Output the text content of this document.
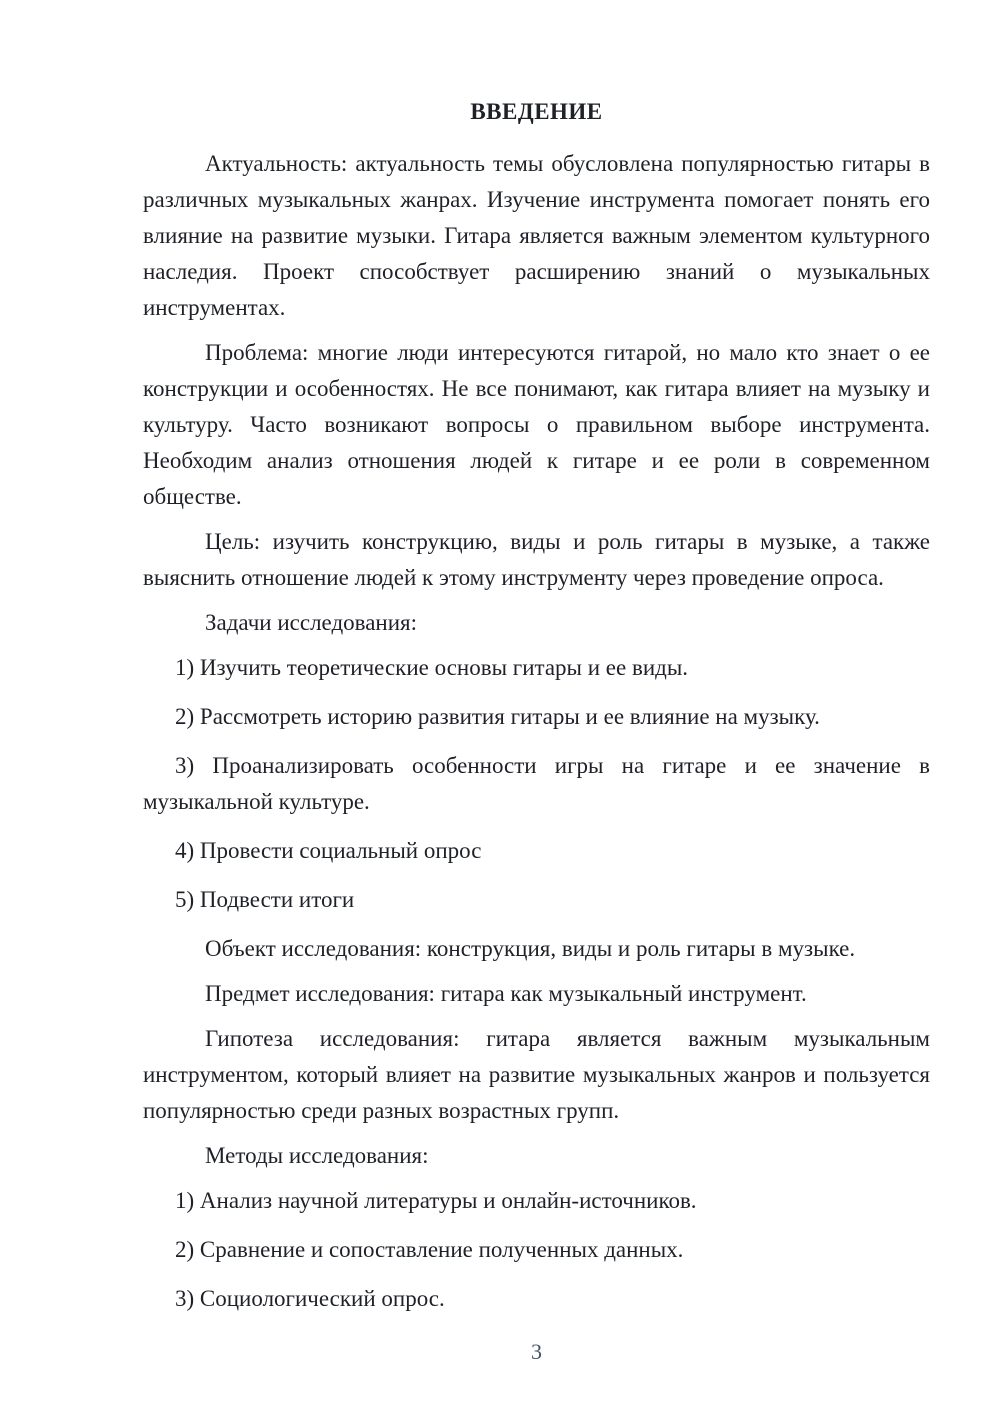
ВВЕДЕНИЕ

Актуальность: актуальность темы обусловлена популярностью гитары в различных музыкальных жанрах. Изучение инструмента помогает понять его влияние на развитие музыки. Гитара является важным элементом культурного наследия. Проект способствует расширению знаний о музыкальных инструментах.

Проблема: многие люди интересуются гитарой, но мало кто знает о ее конструкции и особенностях. Не все понимают, как гитара влияет на музыку и культуру. Часто возникают вопросы о правильном выборе инструмента. Необходим анализ отношения людей к гитаре и ее роли в современном обществе.

Цель: изучить конструкцию, виды и роль гитары в музыке, а также выяснить отношение людей к этому инструменту через проведение опроса.

Задачи исследования:

1) Изучить теоретические основы гитары и ее виды.

2) Рассмотреть историю развития гитары и ее влияние на музыку.

3) Проанализировать особенности игры на гитаре и ее значение в музыкальной культуре.

4) Провести социальный опрос

5) Подвести итоги

Объект исследования: конструкция, виды и роль гитары в музыке.

Предмет исследования: гитара как музыкальный инструмент.

Гипотеза исследования: гитара является важным музыкальным инструментом, который влияет на развитие музыкальных жанров и пользуется популярностью среди разных возрастных групп.

Методы исследования:

1) Анализ научной литературы и онлайн-источников.

2) Сравнение и сопоставление полученных данных.

3) Социологический опрос.

3
